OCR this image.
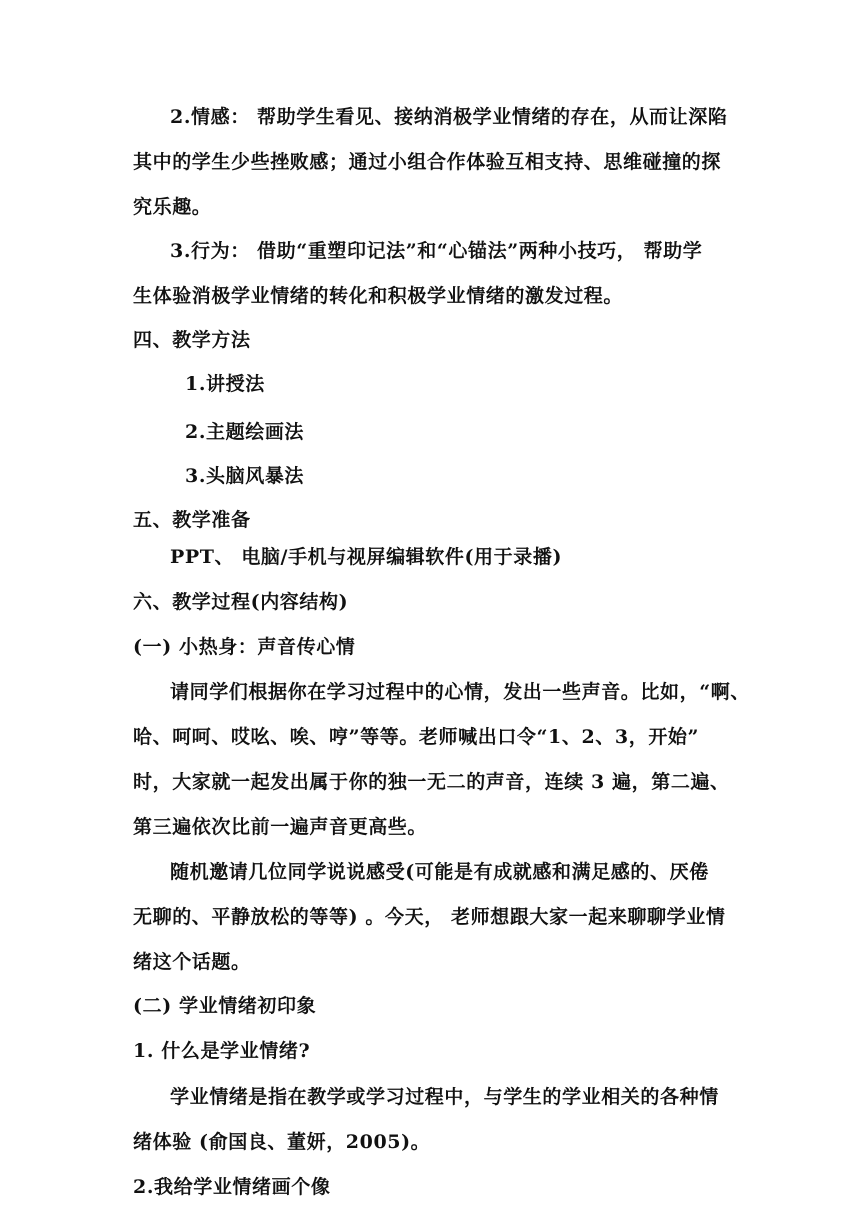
2.情感： 帮助学生看见、接纳消极学业情绪的存在，从而让深陷
其中的学生少些挫败感；通过小组合作体验互相支持、思维碰撞的探
究乐趣。
3.行为： 借助“重塑印记法”和“心锚法”两种小技巧， 帮助学
生体验消极学业情绪的转化和积极学业情绪的激发过程。
四、教学方法
1.讲授法
2.主题绘画法
3.头脑风暴法
五、教学准备
PPT、 电脑/手机与视屏编辑软件(用于录播)
六、教学过程(内容结构)
(一) 小热身：声音传心情
请同学们根据你在学习过程中的心情，发出一些声音。比如，“啊、
哈、呵呵、哎吆、唉、哼”等等。老师喊出口令“1、2、3，开始”
时，大家就一起发出属于你的独一无二的声音，连续 3 遍，第二遍、
第三遍依次比前一遍声音更高些。
随机邀请几位同学说说感受(可能是有成就感和满足感的、厌倦
无聊的、平静放松的等等) 。今天， 老师想跟大家一起来聊聊学业情
绪这个话题。
(二) 学业情绪初印象
1. 什么是学业情绪?
学业情绪是指在教学或学习过程中，与学生的学业相关的各种情
绪体验 (俞国良、董妍，2005)。
2.我给学业情绪画个像
